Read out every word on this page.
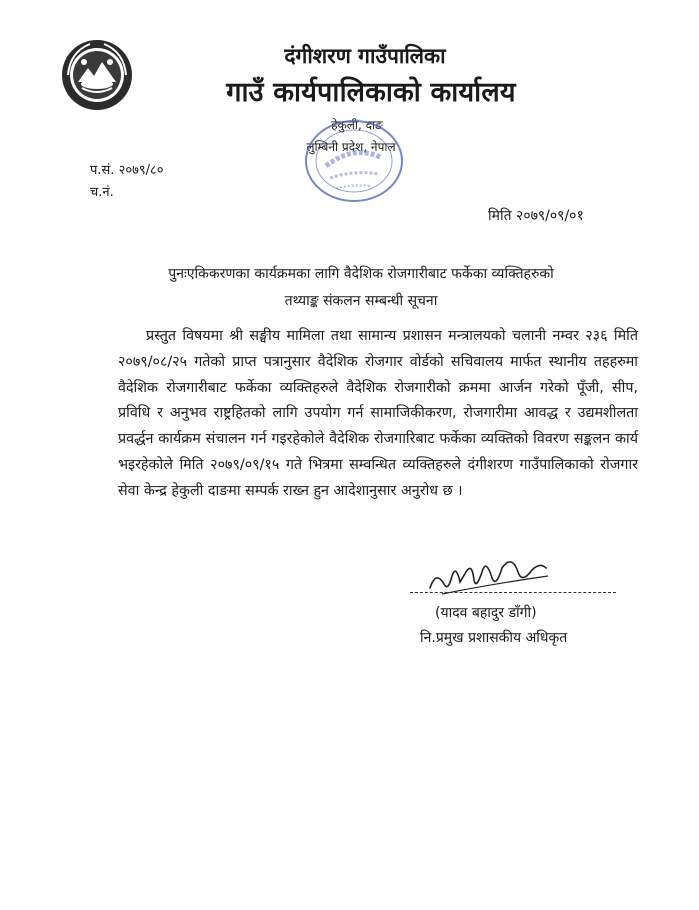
दंगीशरण गाउँपालिका
गाउँ कार्यपालिकाको कार्यालय
हेकुली, दाङ
लुम्बिनी प्रदेश, नेपाल
प.सं. २०७९/८०
च.नं.
मिति २०७९/०९/०१
पुनःएकिकरणका कार्यक्रमका लागि वैदेशिक रोजगारीबाट फर्केका व्यक्तिहरुको
तथ्याङ्क संकलन सम्बन्धी सूचना

प्रस्तुत विषयमा श्री सङ्घीय मामिला तथा सामान्य प्रशासन मन्त्रालयको चलानी नम्वर २३६ मिति २०७९/०८/२५ गतेको प्राप्त पत्रानुसार वैदेशिक रोजगार वोर्डको सचिवालय मार्फत स्थानीय तहहरुमा वैदेशिक रोजगारीबाट फर्केका व्यक्तिहरुले वैदेशिक रोजगारीको क्रममा आर्जन गरेको पूँजी, सीप, प्रविधि र अनुभव राष्ट्रहितको लागि उपयोग गर्न सामाजिकीकरण, रोजगारीमा आवद्ध र उद्यमशीलता प्रवर्द्धन कार्यक्रम संचालन गर्न गइरहेकोले वैदेशिक रोजगारिबाट फर्केका व्यक्तिको विवरण सङ्कलन कार्य भइरहेकोले मिति २०७९/०९/१५ गते भित्रमा सम्वन्धित व्यक्तिहरुले दंगीशरण गाउँपालिकाको रोजगार सेवा केन्द्र हेकुली दाङमा सम्पर्क राख्न हुन आदेशानुसार अनुरोध छ ।

(यादव बहादुर डाँगी)
नि.प्रमुख प्रशासकीय अधिकृत
